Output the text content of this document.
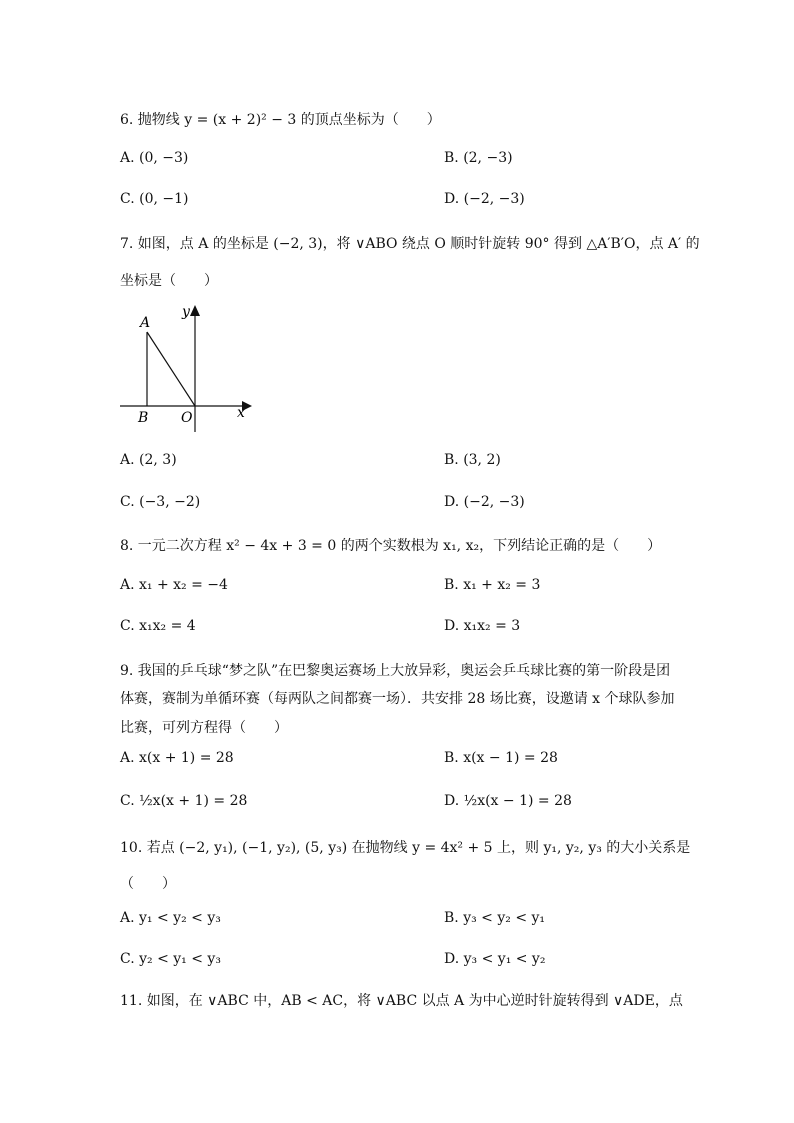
6. 抛物线 y = (x + 2)² − 3 的顶点坐标为（　　）
A. (0, −3)	B. (2, −3)
C. (0, −1)	D. (−2, −3)
7. 如图，点 A 的坐标是 (−2, 3)，将 ∨ABO 绕点 O 顺时针旋转 90° 得到 △A′B′O，点 A′ 的
坐标是（　　）
y
A
B O	x
A. (2, 3)	B. (3, 2)
C. (−3, −2)	D. (−2, −3)
8. 一元二次方程 x² − 4x + 3 = 0 的两个实数根为 x₁, x₂，下列结论正确的是（　　）
A. x₁ + x₂ = −4	B. x₁ + x₂ = 3
C. x₁x₂ = 4	D. x₁x₂ = 3
9. 我国的乒乓球“梦之队”在巴黎奥运赛场上大放异彩，奥运会乒乓球比赛的第一阶段是团
体赛，赛制为单循环赛（每两队之间都赛一场）．共安排 28 场比赛，设邀请 x 个球队参加
比赛，可列方程得（　　）
A. x(x + 1) = 28	B. x(x − 1) = 28
C. ½x(x + 1) = 28	D. ½x(x − 1) = 28
10. 若点 (−2, y₁), (−1, y₂), (5, y₃) 在抛物线 y = 4x² + 5 上，则 y₁, y₂, y₃ 的大小关系是
（　　）
A. y₁ < y₂ < y₃	B. y₃ < y₂ < y₁
C. y₂ < y₁ < y₃	D. y₃ < y₁ < y₂
11. 如图，在 ∨ABC 中，AB < AC，将 ∨ABC 以点 A 为中心逆时针旋转得到 ∨ADE，点
